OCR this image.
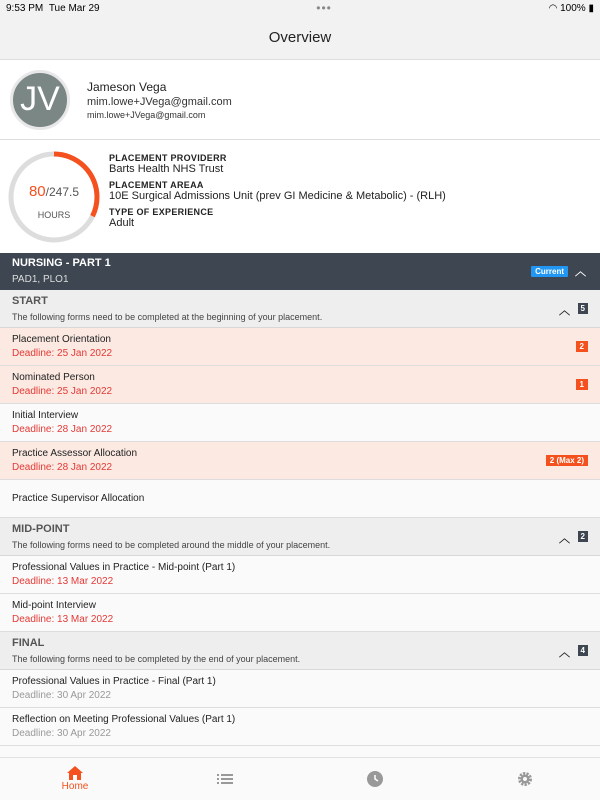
9:53 PM Tue Mar 29	•••	◠ 100% ▮
Overview
JV	Jameson Vega
mim.lowe+JVega@gmail.com
mim.lowe+JVega@gmail.com
80/247.5
HOURS
PLACEMENT PROVIDERR
Barts Health NHS Trust
PLACEMENT AREAA
10E Surgical Admissions Unit (prev GI Medicine & Metabolic) - (RLH)
TYPE OF EXPERIENCE
Adult
NURSING - PART 1
PAD1, PLO1
Current	︿
START
The following forms need to be completed at the beginning of your placement.	︿	5
Placement Orientation
Deadline: 25 Jan 2022
2
Nominated Person
Deadline: 25 Jan 2022
1
Initial Interview
Deadline: 28 Jan 2022
Practice Assessor Allocation
Deadline: 28 Jan 2022
2 (Max 2)
Practice Supervisor Allocation
MID-POINT
The following forms need to be completed around the middle of your placement.	︿	2
Professional Values in Practice - Mid-point (Part 1)
Deadline: 13 Mar 2022
Mid-point Interview
Deadline: 13 Mar 2022
FINAL
The following forms need to be completed by the end of your placement.	︿	4
Professional Values in Practice - Final (Part 1)
Deadline: 30 Apr 2022
Reflection on Meeting Professional Values (Part 1)
Deadline: 30 Apr 2022
Home
